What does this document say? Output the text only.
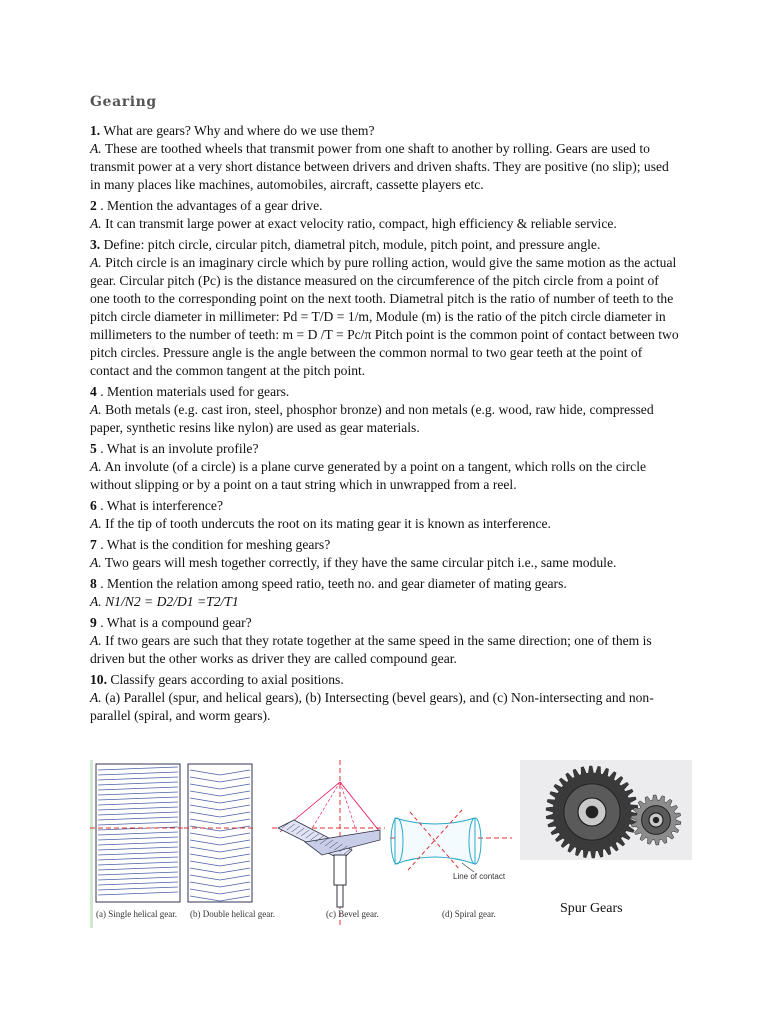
Gearing

1. What are gears? Why and where do we use them?

A. These are toothed wheels that transmit power from one shaft to another by rolling. Gears are used to transmit power at a very short distance between drivers and driven shafts. They are positive (no slip); used in many places like machines, automobiles, aircraft, cassette players etc.

2 . Mention the advantages of a gear drive.

A. It can transmit large power at exact velocity ratio, compact, high efficiency & reliable service.

3. Define: pitch circle, circular pitch, diametral pitch, module, pitch point, and pressure angle.

A. Pitch circle is an imaginary circle which by pure rolling action, would give the same motion as the actual gear. Circular pitch (Pc) is the distance measured on the circumference of the pitch circle from a point of one tooth to the corresponding point on the next tooth. Diametral pitch is the ratio of number of teeth to the pitch circle diameter in millimeter: Pd = T/D = 1/m, Module (m) is the ratio of the pitch circle diameter in millimeters to the number of teeth: m = D /T = Pc/π Pitch point is the common point of contact between two pitch circles. Pressure angle is the angle between the common normal to two gear teeth at the point of contact and the common tangent at the pitch point.

4 . Mention materials used for gears.

A. Both metals (e.g. cast iron, steel, phosphor bronze) and non metals (e.g. wood, raw hide, compressed paper, synthetic resins like nylon) are used as gear materials.

5 . What is an involute profile?

A. An involute (of a circle) is a plane curve generated by a point on a tangent, which rolls on the circle without slipping or by a point on a taut string which in unwrapped from a reel.

6 . What is interference?

A. If the tip of tooth undercuts the root on its mating gear it is known as interference.

7 . What is the condition for meshing gears?

A. Two gears will mesh together correctly, if they have the same circular pitch i.e., same module.

8 . Mention the relation among speed ratio, teeth no. and gear diameter of mating gears.

A. N1/N2 = D2/D1 =T2/T1

9 . What is a compound gear?

A. If two gears are such that they rotate together at the same speed in the same direction; one of them is driven but the other works as driver they are called compound gear.

10. Classify gears according to axial positions.

A. (a) Parallel (spur, and helical gears), (b) Intersecting (bevel gears), and (c) Non-intersecting and non-parallel (spiral, and worm gears).

Line of contact
(a) Single helical gear. (b) Double helical gear.	(c) Bevel gear.	(d) Spiral gear.	Spur Gears
